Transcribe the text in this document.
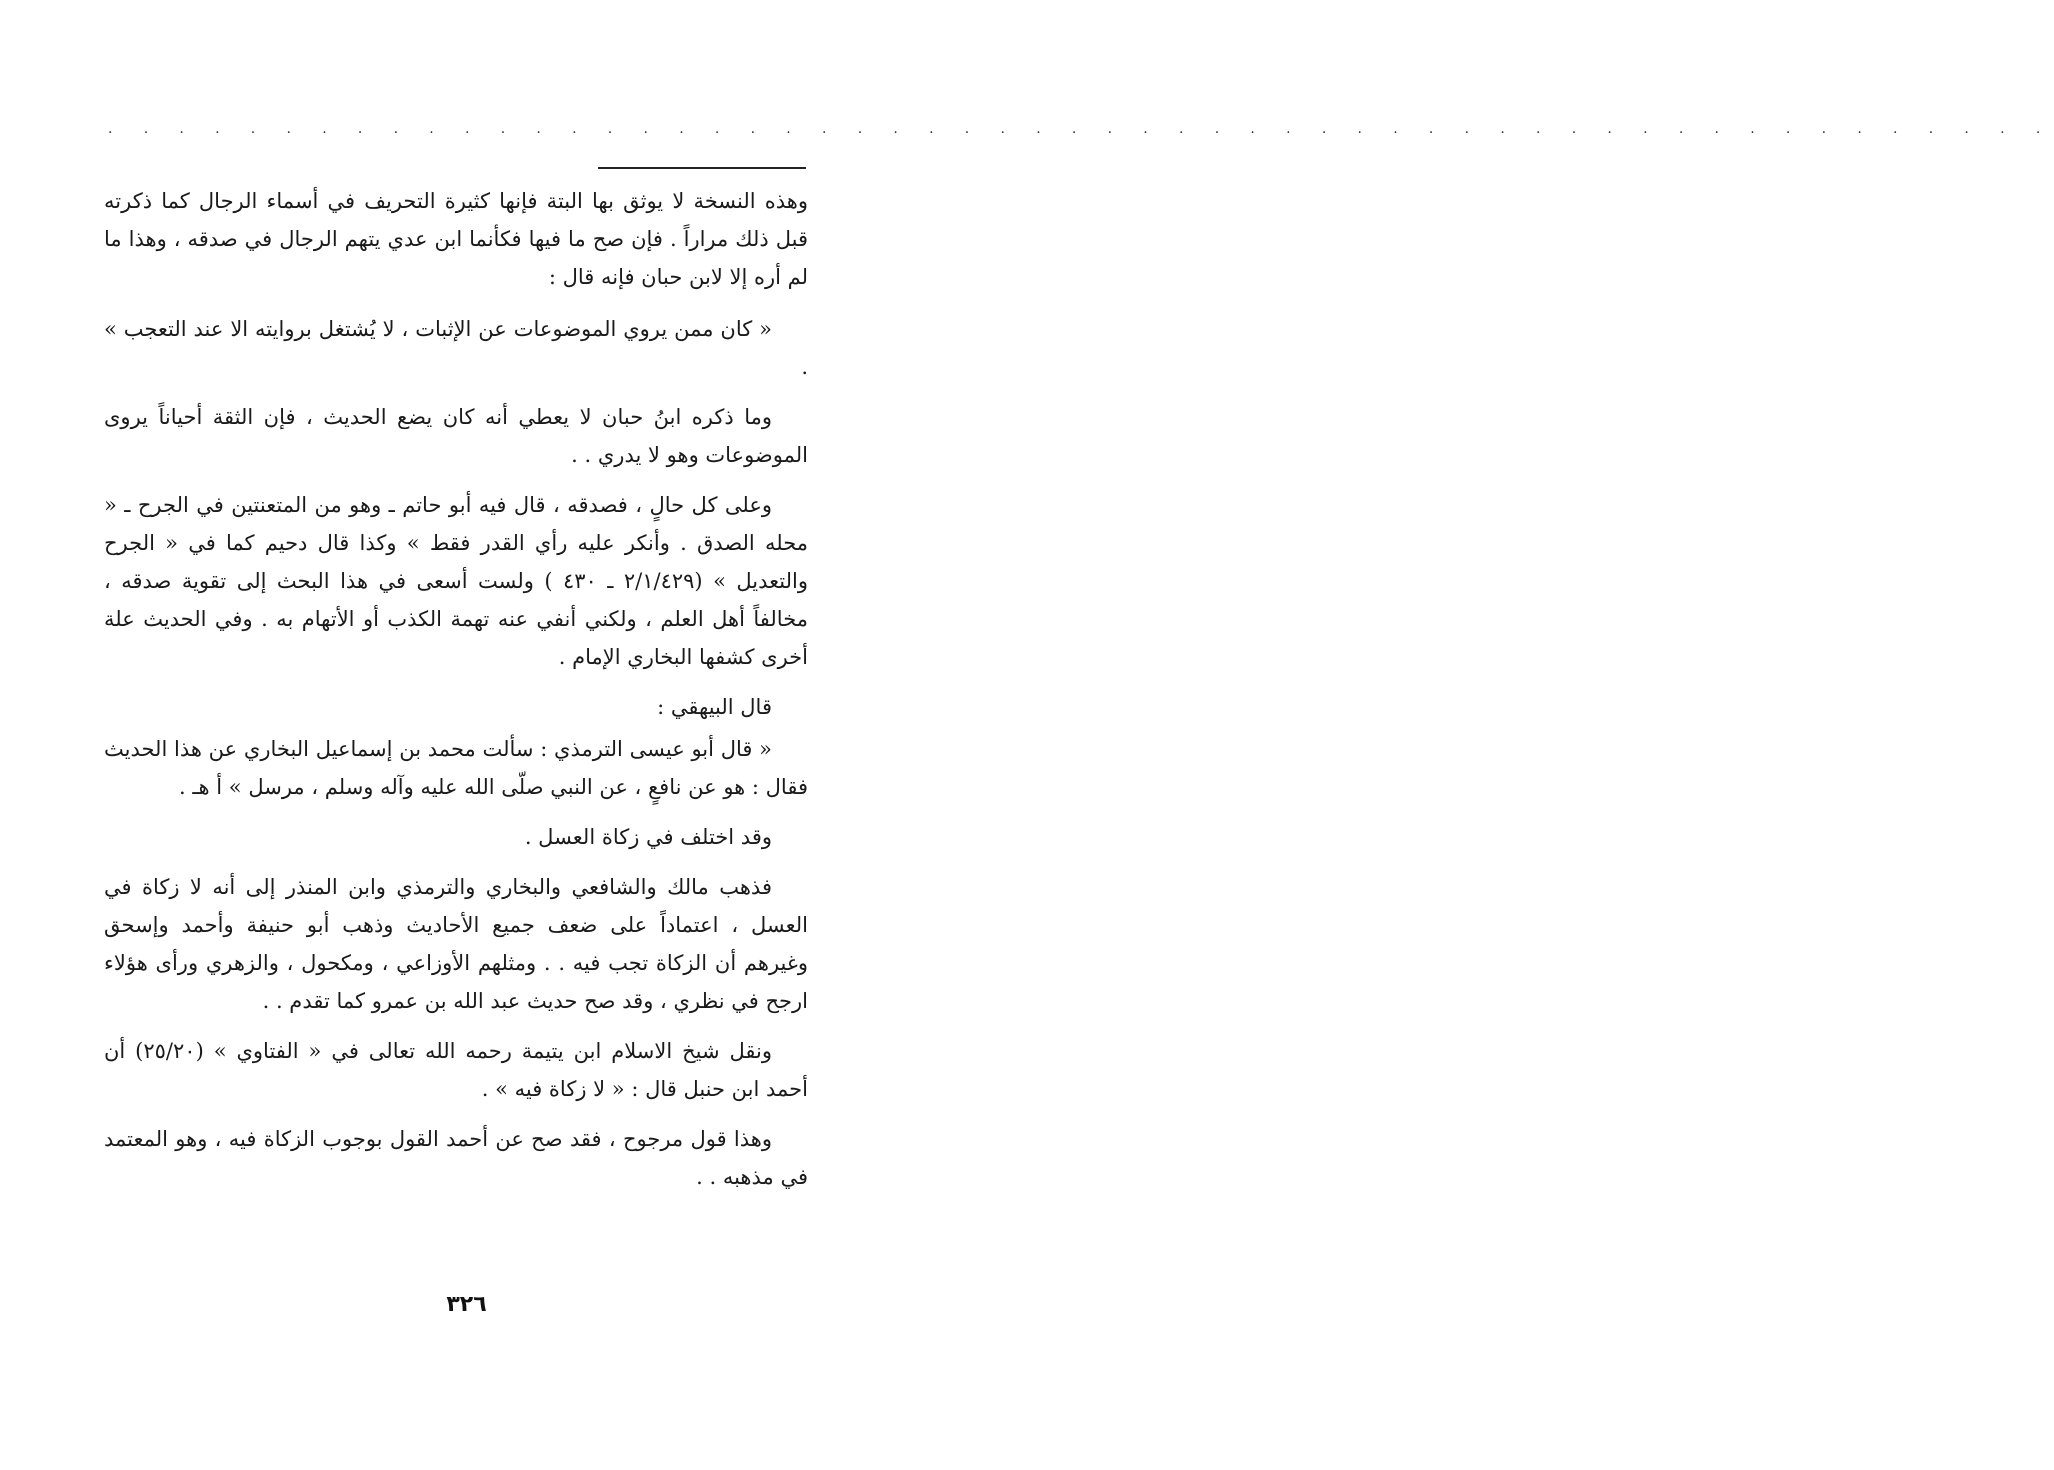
. . . . . . . . . . . . . . . . . . . . . . . . . . . . . . . . . . . . . . . . . . . . . . . . . . . . . . .

وهذه النسخة لا يوثق بها البتة فإنها كثيرة التحريف في أسماء الرجال كما ذكرته قبل ذلك مراراً . فإن صح ما فيها فكأنما ابن عدي يتهم الرجال في صدقه ، وهذا ما لم أره إلا لابن حبان فإنه قال :

« كان ممن يروي الموضوعات عن الإثبات ، لا يُشتغل بروايته الا عند التعجب » .

وما ذكره ابنُ حبان لا يعطي أنه كان يضع الحديث ، فإن الثقة أحياناً يروى الموضوعات وهو لا يدري . .

وعلى كل حالٍ ، فصدقه ، قال فيه أبو حاتم ـ وهو من المتعنتين في الجرح ـ « محله الصدق . وأنكر عليه رأي القدر فقط » وكذا قال دحيم كما في « الجرح والتعديل » (٢/١/٤٢٩ ـ ٤٣٠ ) ولست أسعى في هذا البحث إلى تقوية صدقه ، مخالفاً أهل العلم ، ولكني أنفي عنه تهمة الكذب أو الأتهام به . وفي الحديث علة أخرى كشفها البخاري الإمام .

قال البيهقي :

« قال أبو عيسى الترمذي : سألت محمد بن إسماعيل البخاري عن هذا الحديث فقال : هو عن نافعٍ ، عن النبي صلّى الله عليه وآله وسلم ، مرسل » أ هـ .

وقد اختلف في زكاة العسل .

فذهب مالك والشافعي والبخاري والترمذي وابن المنذر إلى أنه لا زكاة في العسل ، اعتماداً على ضعف جميع الأحاديث وذهب أبو حنيفة وأحمد وإسحق وغيرهم أن الزكاة تجب فيه . . ومثلهم الأوزاعي ، ومكحول ، والزهري ورأى هؤلاء ارجح في نظري ، وقد صح حديث عبد الله بن عمرو كما تقدم . .

ونقل شيخ الاسلام ابن يتيمة رحمه الله تعالى في « الفتاوي » (٢٥/٢٠) أن أحمد ابن حنبل قال : « لا زكاة فيه » .

وهذا قول مرجوح ، فقد صح عن أحمد القول بوجوب الزكاة فيه ، وهو المعتمد في مذهبه . .

٣٢٦
